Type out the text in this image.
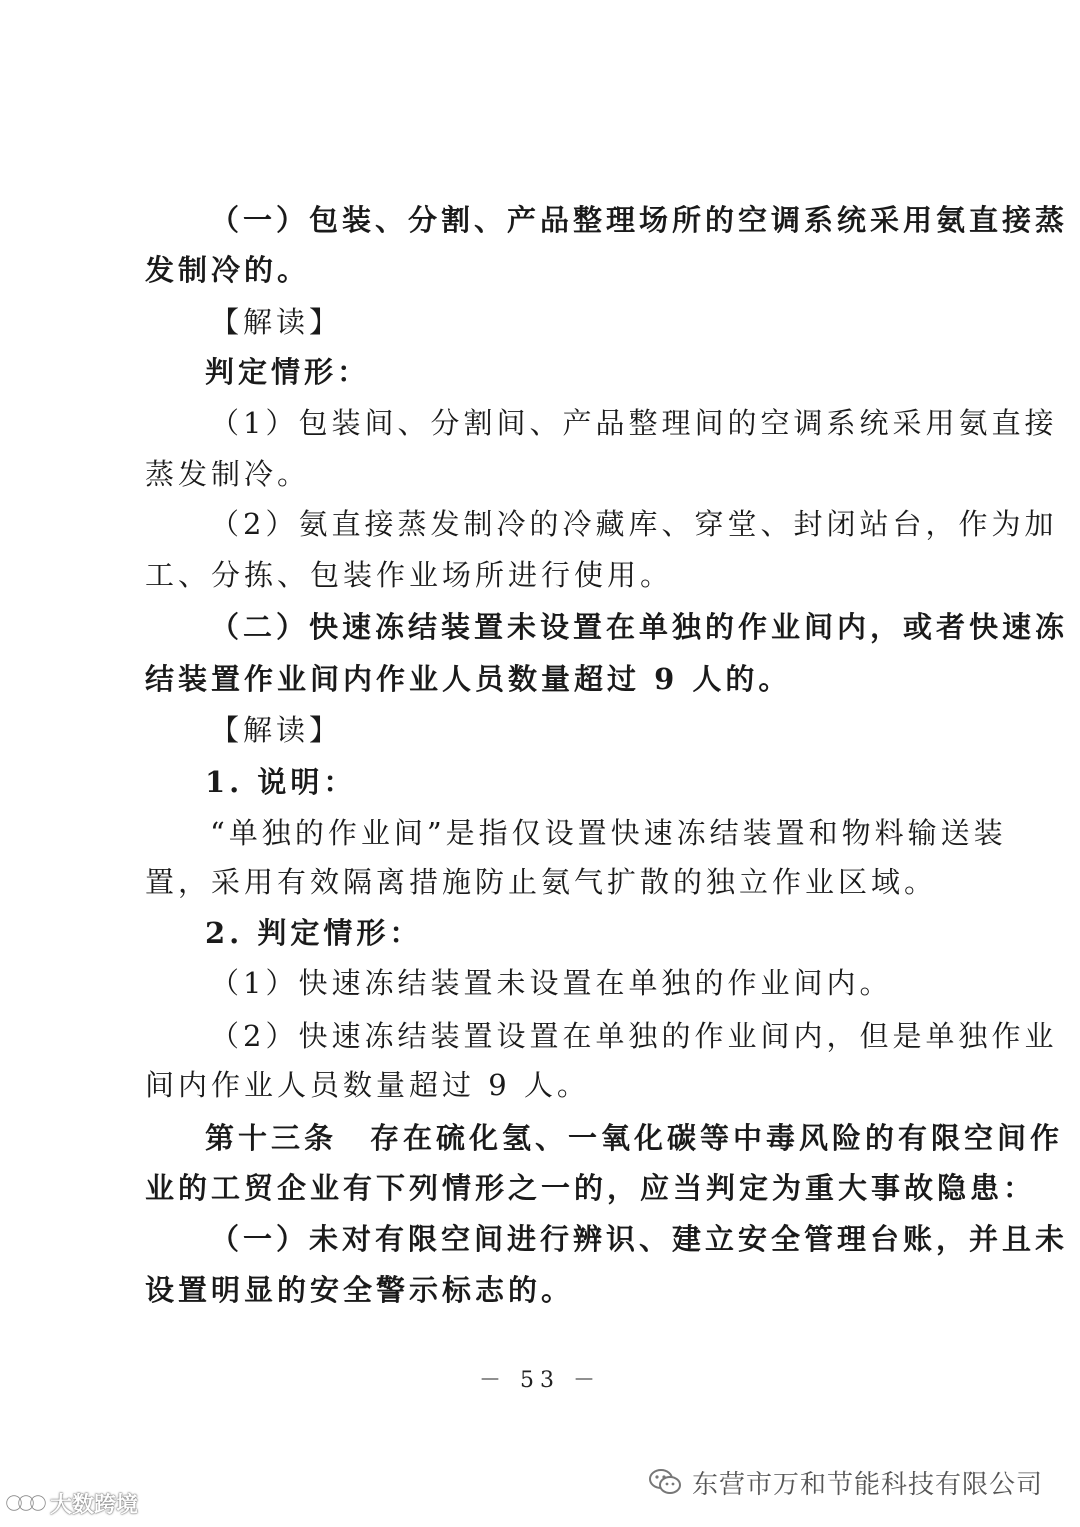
（一）包装、分割、产品整理场所的空调系统采用氨直接蒸
发制冷的。
【解读】
判定情形：
（1）包装间、分割间、产品整理间的空调系统采用氨直接
蒸发制冷。
（2）氨直接蒸发制冷的冷藏库、穿堂、封闭站台，作为加
工、分拣、包装作业场所进行使用。
（二）快速冻结装置未设置在单独的作业间内，或者快速冻
结装置作业间内作业人员数量超过 9 人的。
【解读】
1. 说明：
“单独的作业间”是指仅设置快速冻结装置和物料输送装
置，采用有效隔离措施防止氨气扩散的独立作业区域。
2. 判定情形：
（1）快速冻结装置未设置在单独的作业间内。
（2）快速冻结装置设置在单独的作业间内，但是单独作业
间内作业人员数量超过 9 人。
第十三条　存在硫化氢、一氧化碳等中毒风险的有限空间作
业的工贸企业有下列情形之一的，应当判定为重大事故隐患：
（一）未对有限空间进行辨识、建立安全管理台账，并且未
设置明显的安全警示标志的。
－ 53 －
东营市万和节能科技有限公司
大数跨境
